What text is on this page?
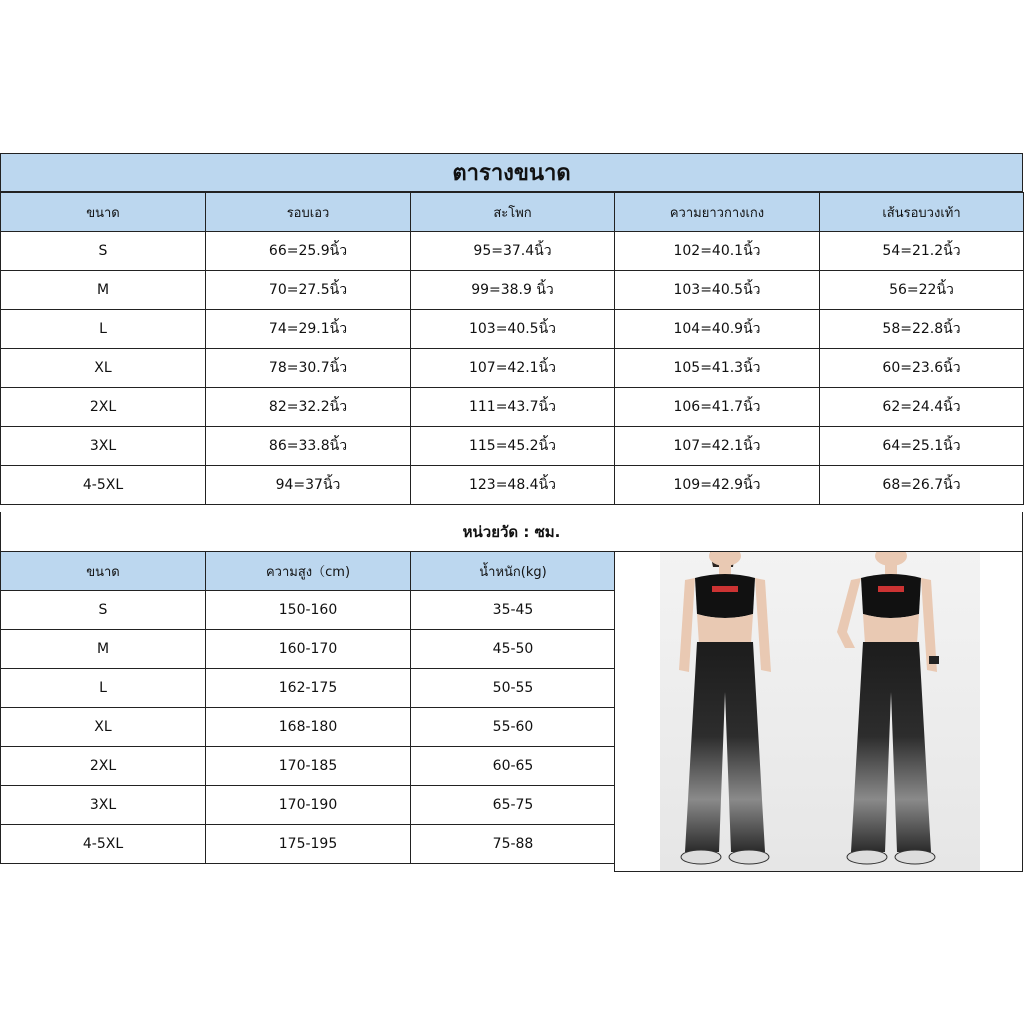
ตารางขนาด
ขนาด	รอบเอว	สะโพก	ความยาวกางเกง	เส้นรอบวงเท้า
S	66=25.9นิ้ว	95=37.4นิ้ว	102=40.1นิ้ว	54=21.2นิ้ว
M	70=27.5นิ้ว	99=38.9 นิ้ว	103=40.5นิ้ว	56=22นิ้ว
L	74=29.1นิ้ว	103=40.5นิ้ว	104=40.9นิ้ว	58=22.8นิ้ว
XL	78=30.7นิ้ว	107=42.1นิ้ว	105=41.3นิ้ว	60=23.6นิ้ว
2XL	82=32.2นิ้ว	111=43.7นิ้ว	106=41.7นิ้ว	62=24.4นิ้ว
3XL	86=33.8นิ้ว	115=45.2นิ้ว	107=42.1นิ้ว	64=25.1นิ้ว
4-5XL	94=37นิ้ว	123=48.4นิ้ว	109=42.9นิ้ว	68=26.7นิ้ว
หน่วยวัด : ซม.
ขนาด	ความสูง（cm)	น้ำหนัก(kg)
S	150-160	35-45
M	160-170	45-50
L	162-175	50-55
XL	168-180	55-60
2XL	170-185	60-65
3XL	170-190	65-75
4-5XL	175-195	75-88
